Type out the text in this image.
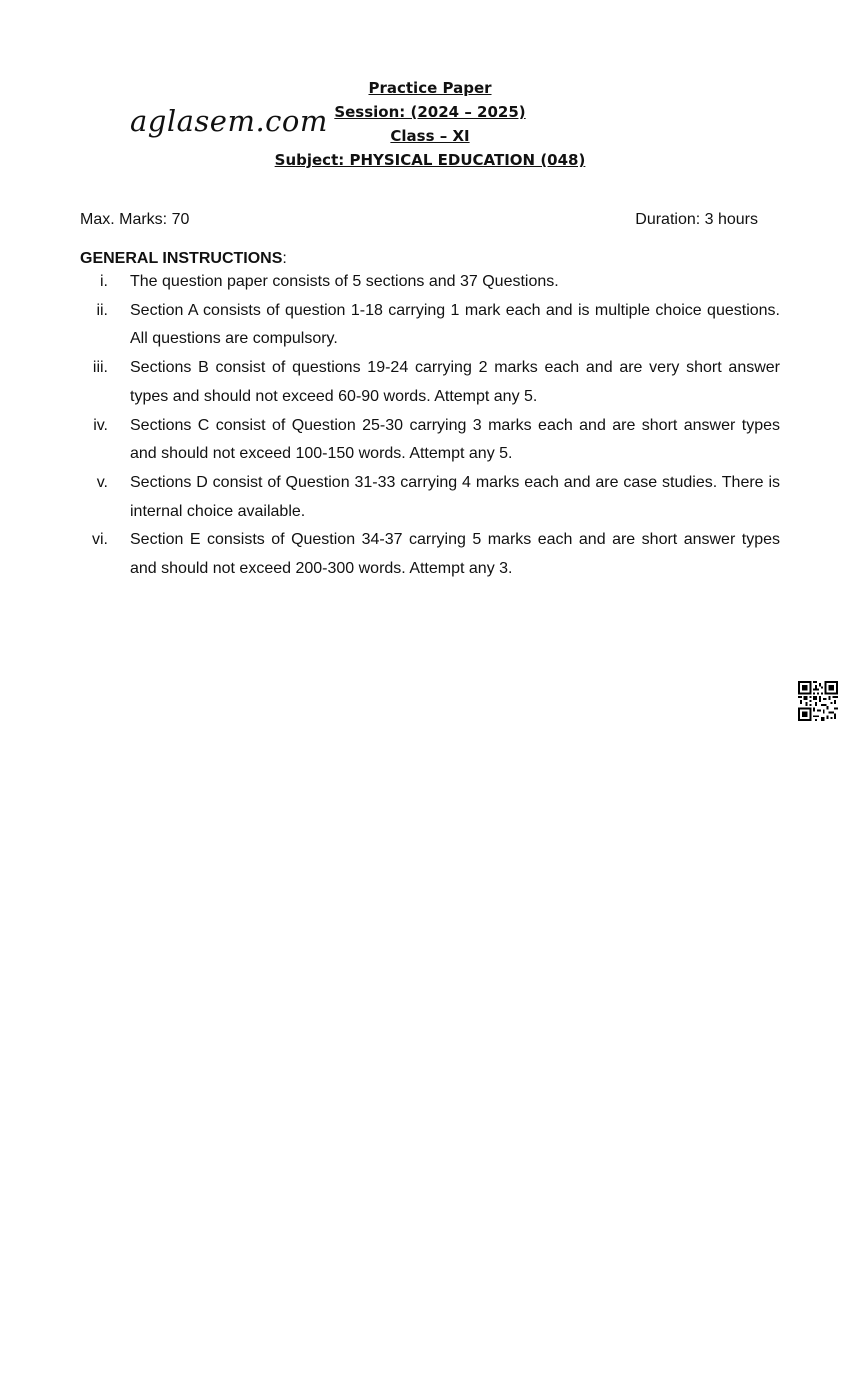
aglasem.com
Practice Paper
Session: (2024 – 2025)
Class – XI
Subject: PHYSICAL EDUCATION (048)
Max. Marks: 70	Duration: 3 hours
GENERAL INSTRUCTIONS:
i. The question paper consists of 5 sections and 37 Questions.
ii. Section A consists of question 1-18 carrying 1 mark each and is multiple choice questions. All questions are compulsory.
iii. Sections B consist of questions 19-24 carrying 2 marks each and are very short answer types and should not exceed 60-90 words. Attempt any 5.
iv. Sections C consist of Question 25-30 carrying 3 marks each and are short answer types and should not exceed 100-150 words. Attempt any 5.
v. Sections D consist of Question 31-33 carrying 4 marks each and are case studies. There is internal choice available.
vi. Section E consists of Question 34-37 carrying 5 marks each and are short answer types and should not exceed 200-300 words. Attempt any 3.
